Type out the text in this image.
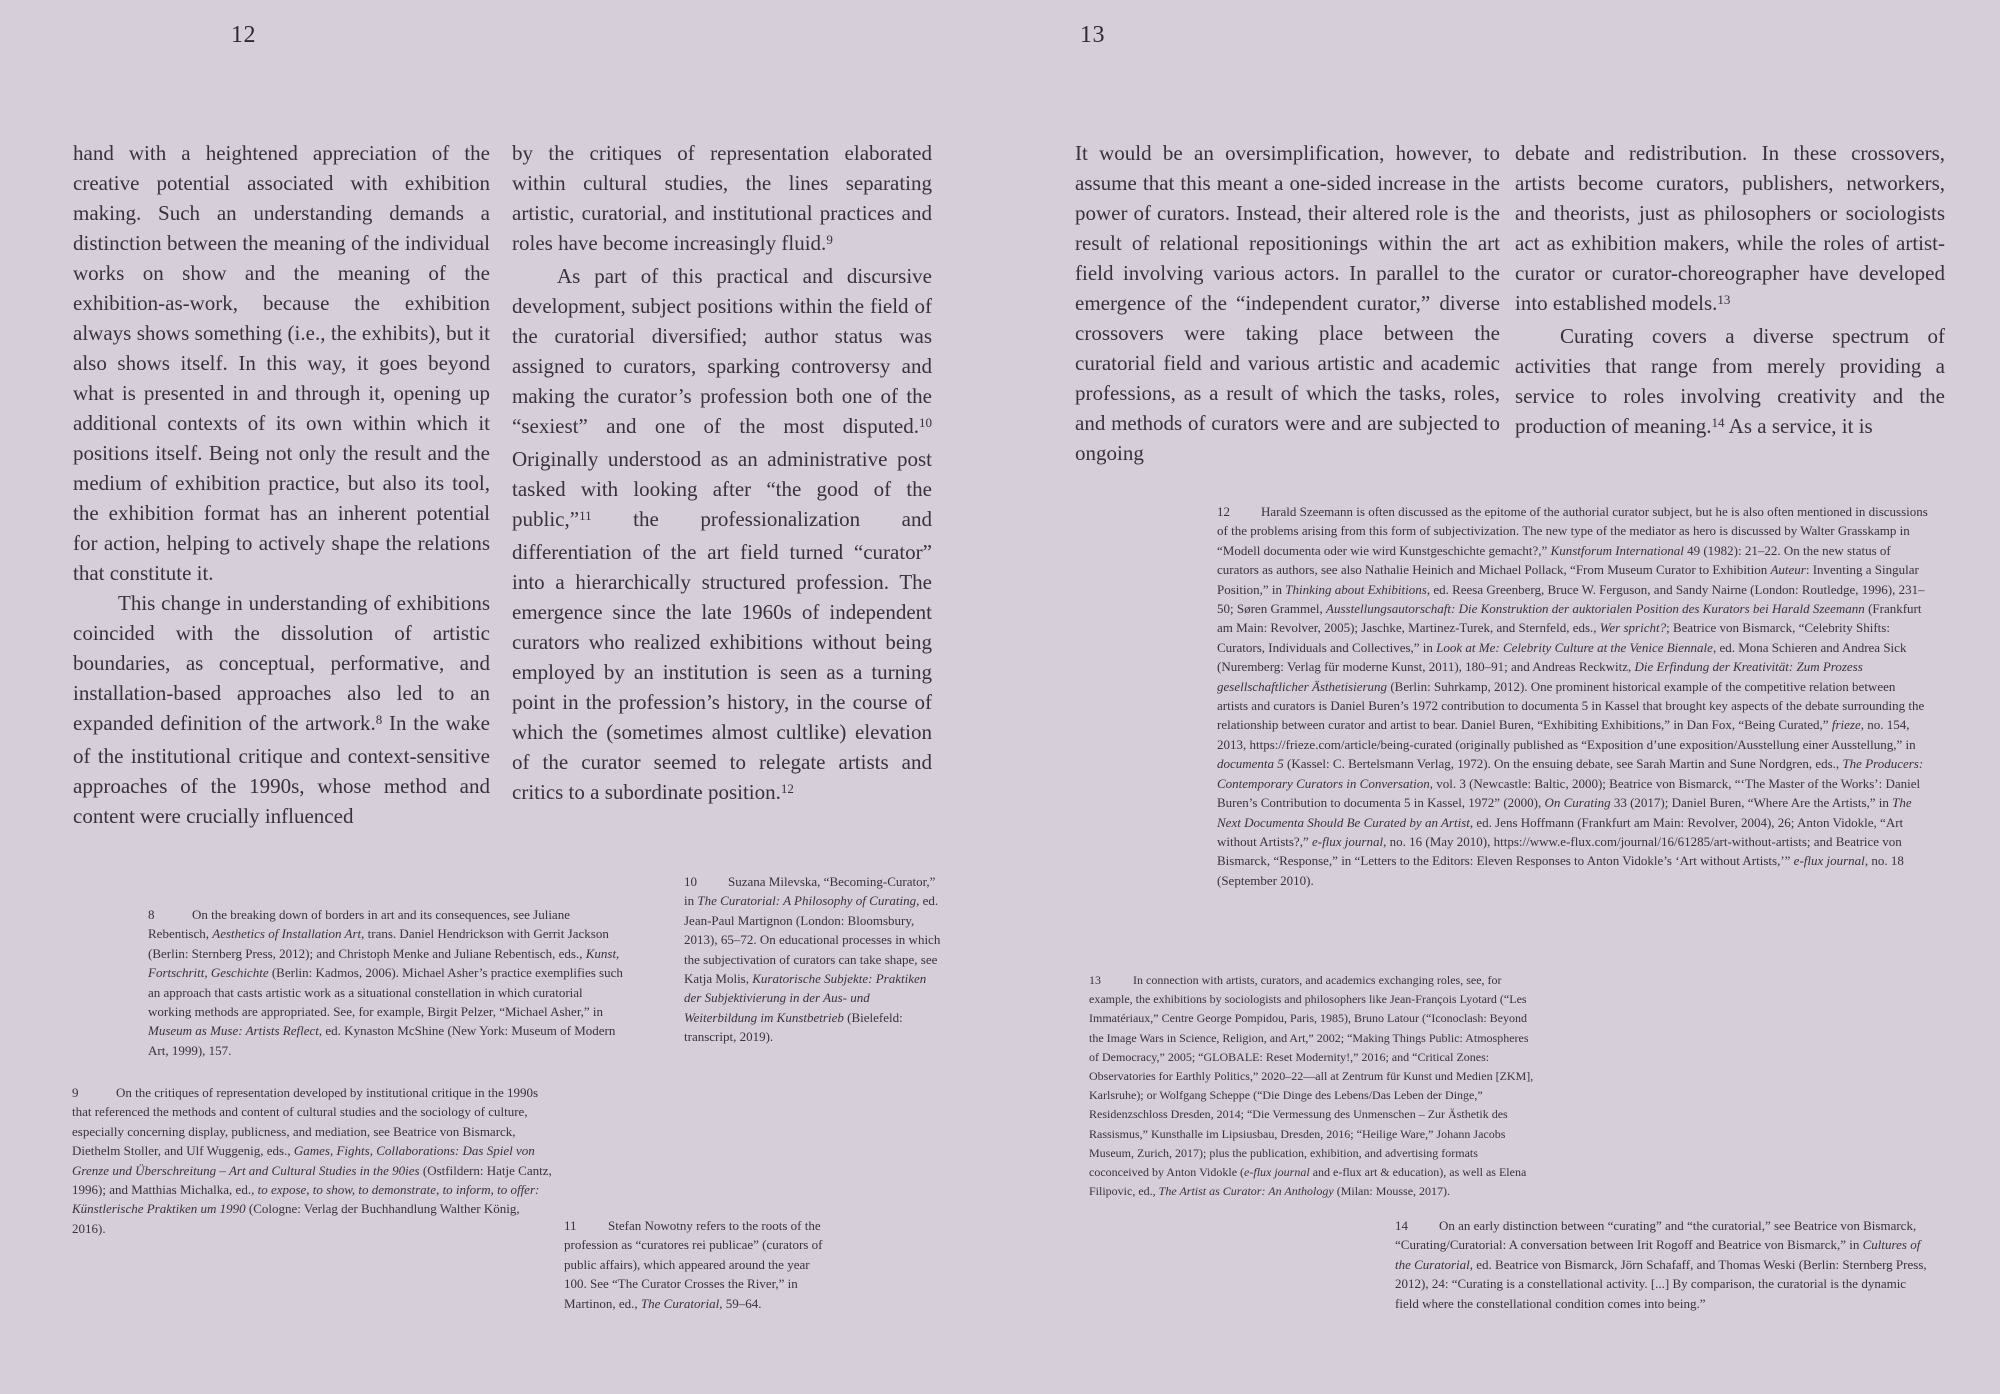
12	13

hand with a heightened appreciation of the creative potential associated with exhibition making. Such an understanding demands a distinction between the meaning of the individual works on show and the meaning of the exhibition-as-work, because the exhibition always shows something (i.e., the exhibits), but it also shows itself. In this way, it goes beyond what is presented in and through it, opening up additional contexts of its own within which it positions itself. Being not only the result and the medium of exhibition practice, but also its tool, the exhibition format has an inherent potential for action, helping to actively shape the relations that constitute it.

This change in understanding of exhibitions coincided with the dissolution of artistic boundaries, as conceptual, performative, and installation-based approaches also led to an expanded definition of the artwork.$^8$ In the wake of the institutional critique and context-sensitive approaches of the 1990s, whose method and content were crucially influenced

by the critiques of representation elaborated within cultural studies, the lines separating artistic, curatorial, and institutional practices and roles have become increasingly fluid.$^9$

As part of this practical and discursive development, subject positions within the field of the curatorial diversified; author status was assigned to curators, sparking controversy and making the curator’s profession both one of the “sexiest” and one of the most disputed.$^{10}$ Originally understood as an administrative post tasked with looking after “the good of the public,”$^{11}$ the professionalization and differentiation of the art field turned “curator” into a hierarchically structured profession. The emergence since the late 1960s of independent curators who realized exhibitions without being employed by an institution is seen as a turning point in the profession’s history, in the course of which the (sometimes almost cultlike) elevation of the curator seemed to relegate artists and critics to a subordinate position.$^{12}$

It would be an oversimplification, however, to assume that this meant a one-sided increase in the power of curators. Instead, their altered role is the result of relational repositionings within the art field involving various actors. In parallel to the emergence of the “independent curator,” diverse crossovers were taking place between the curatorial field and various artistic and academic professions, as a result of which the tasks, roles, and methods of curators were and are subjected to ongoing

debate and redistribution. In these crossovers, artists become curators, publishers, networkers, and theorists, just as philosophers or sociologists act as exhibition makers, while the roles of artist-curator or curator-choreographer have developed into established models.$^{13}$

Curating covers a diverse spectrum of activities that range from merely providing a service to roles involving creativity and the production of meaning.$^{14}$ As a service, it is

8	On the breaking down of borders in art and its consequences, see Juliane Rebentisch, Aesthetics of Installation Art, trans. Daniel Hendrickson with Gerrit Jackson (Berlin: Sternberg Press, 2012); and Christoph Menke and Juliane Rebentisch, eds., Kunst, Fortschritt, Geschichte (Berlin: Kadmos, 2006). Michael Asher’s practice exemplifies such an approach that casts artistic work as a situational constellation in which curatorial working methods are appropriated. See, for example, Birgit Pelzer, “Michael Asher,” in Museum as Muse: Artists Reflect, ed. Kynaston McShine (New York: Museum of Modern Art, 1999), 157.
9	On the critiques of representation developed by institutional critique in the 1990s that referenced the methods and content of cultural studies and the sociology of culture, especially concerning display, publicness, and mediation, see Beatrice von Bismarck, Diethelm Stoller, and Ulf Wuggenig, eds., Games, Fights, Collaborations: Das Spiel von Grenze und Überschreitung – Art and Cultural Studies in the 90ies (Ostfildern: Hatje Cantz, 1996); and Matthias Michalka, ed., to expose, to show, to demonstrate, to inform, to offer: Künstlerische Praktiken um 1990 (Cologne: Verlag der Buchhandlung Walther König, 2016).
10 Suzana Milevska, “Becoming-Curator,” in The Curatorial: A Philosophy of Curating, ed. Jean-Paul Martignon (London: Bloomsbury, 2013), 65–72. On educational processes in which the subjectivation of curators can take shape, see Katja Molis, Kuratorische Subjekte: Praktiken der Subjektivierung in der Aus- und Weiterbildung im Kunstbetrieb (Bielefeld: transcript, 2019).
11 Stefan Nowotny refers to the roots of the profession as “curatores rei publicae” (curators of public affairs), which appeared around the year 100. See “The Curator Crosses the River,” in Martinon, ed., The Curatorial, 59–64.
12 Harald Szeemann is often discussed as the epitome of the authorial curator subject, but he is also often mentioned in discussions of the problems arising from this form of subjectivization. The new type of the mediator as hero is discussed by Walter Grasskamp in “Modell documenta oder wie wird Kunstgeschichte gemacht?,” Kunstforum International 49 (1982): 21–22. On the new status of curators as authors, see also Nathalie Heinich and Michael Pollack, “From Museum Curator to Exhibition Auteur: Inventing a Singular Position,” in Thinking about Exhibitions, ed. Reesa Greenberg, Bruce W. Ferguson, and Sandy Nairne (London: Routledge, 1996), 231–50; Søren Grammel, Ausstellungsautorschaft: Die Konstruktion der auktorialen Position des Kurators bei Harald Szeemann (Frankfurt am Main: Revolver, 2005); Jaschke, Martinez-Turek, and Sternfeld, eds., Wer spricht?; Beatrice von Bismarck, “Celebrity Shifts: Curators, Individuals and Collectives,” in Look at Me: Celebrity Culture at the Venice Biennale, ed. Mona Schieren and Andrea Sick (Nuremberg: Verlag für moderne Kunst, 2011), 180–91; and Andreas Reckwitz, Die Erfindung der Kreativität: Zum Prozess gesellschaftlicher Ästhetisierung (Berlin: Suhrkamp, 2012). One prominent historical example of the competitive relation between artists and curators is Daniel Buren’s 1972 contribution to documenta 5 in Kassel that brought key aspects of the debate surrounding the relationship between curator and artist to bear. Daniel Buren, “Exhibiting Exhibitions,” in Dan Fox, “Being Curated,” frieze, no. 154, 2013, https://frieze.com/article/being-curated (originally published as “Exposition d’une exposition/Ausstellung einer Ausstellung,” in documenta 5 (Kassel: C. Bertelsmann Verlag, 1972). On the ensuing debate, see Sarah Martin and Sune Nordgren, eds., The Producers: Contemporary Curators in Conversation, vol. 3 (Newcastle: Baltic, 2000); Beatrice von Bismarck, “‘The Master of the Works’: Daniel Buren’s Contribution to documenta 5 in Kassel, 1972” (2000), On Curating 33 (2017); Daniel Buren, “Where Are the Artists,” in The Next Documenta Should Be Curated by an Artist, ed. Jens Hoffmann (Frankfurt am Main: Revolver, 2004), 26; Anton Vidokle, “Art without Artists?,” e-flux journal, no. 16 (May 2010), https://www.e-flux.com/journal/16/61285/art-without-artists; and Beatrice von Bismarck, “Response,” in “Letters to the Editors: Eleven Responses to Anton Vidokle’s ‘Art without Artists,’” e-flux journal, no. 18 (September 2010).
13	In connection with artists, curators, and academics exchanging roles, see, for example, the exhibitions by sociologists and philosophers like Jean-François Lyotard (“Les Immatériaux,” Centre George Pompidou, Paris, 1985), Bruno Latour (“Iconoclash: Beyond the Image Wars in Science, Religion, and Art,” 2002; “Making Things Public: Atmospheres of Democracy,” 2005; “GLOBALE: Reset Modernity!,” 2016; and “Critical Zones: Observatories for Earthly Politics,” 2020–22—all at Zentrum für Kunst und Medien [ZKM], Karlsruhe); or Wolfgang Scheppe (“Die Dinge des Lebens/Das Leben der Dinge,” Residenzschloss Dresden, 2014; “Die Vermessung des Unmenschen – Zur Ästhetik des Rassismus,” Kunsthalle im Lipsiusbau, Dresden, 2016; “Heilige Ware,” Johann Jacobs Museum, Zurich, 2017); plus the publication, exhibition, and advertising formats coconceived by Anton Vidokle (e-flux journal and e-flux art & education), as well as Elena Filipovic, ed., The Artist as Curator: An Anthology (Milan: Mousse, 2017).
14 On an early distinction between “curating” and “the curatorial,” see Beatrice von Bismarck, “Curating/Curatorial: A conversation between Irit Rogoff and Beatrice von Bismarck,” in Cultures of the Curatorial, ed. Beatrice von Bismarck, Jörn Schafaff, and Thomas Weski (Berlin: Sternberg Press, 2012), 24: “Curating is a constellational activity. [...] By comparison, the curatorial is the dynamic field where the constellational condition comes into being.”
